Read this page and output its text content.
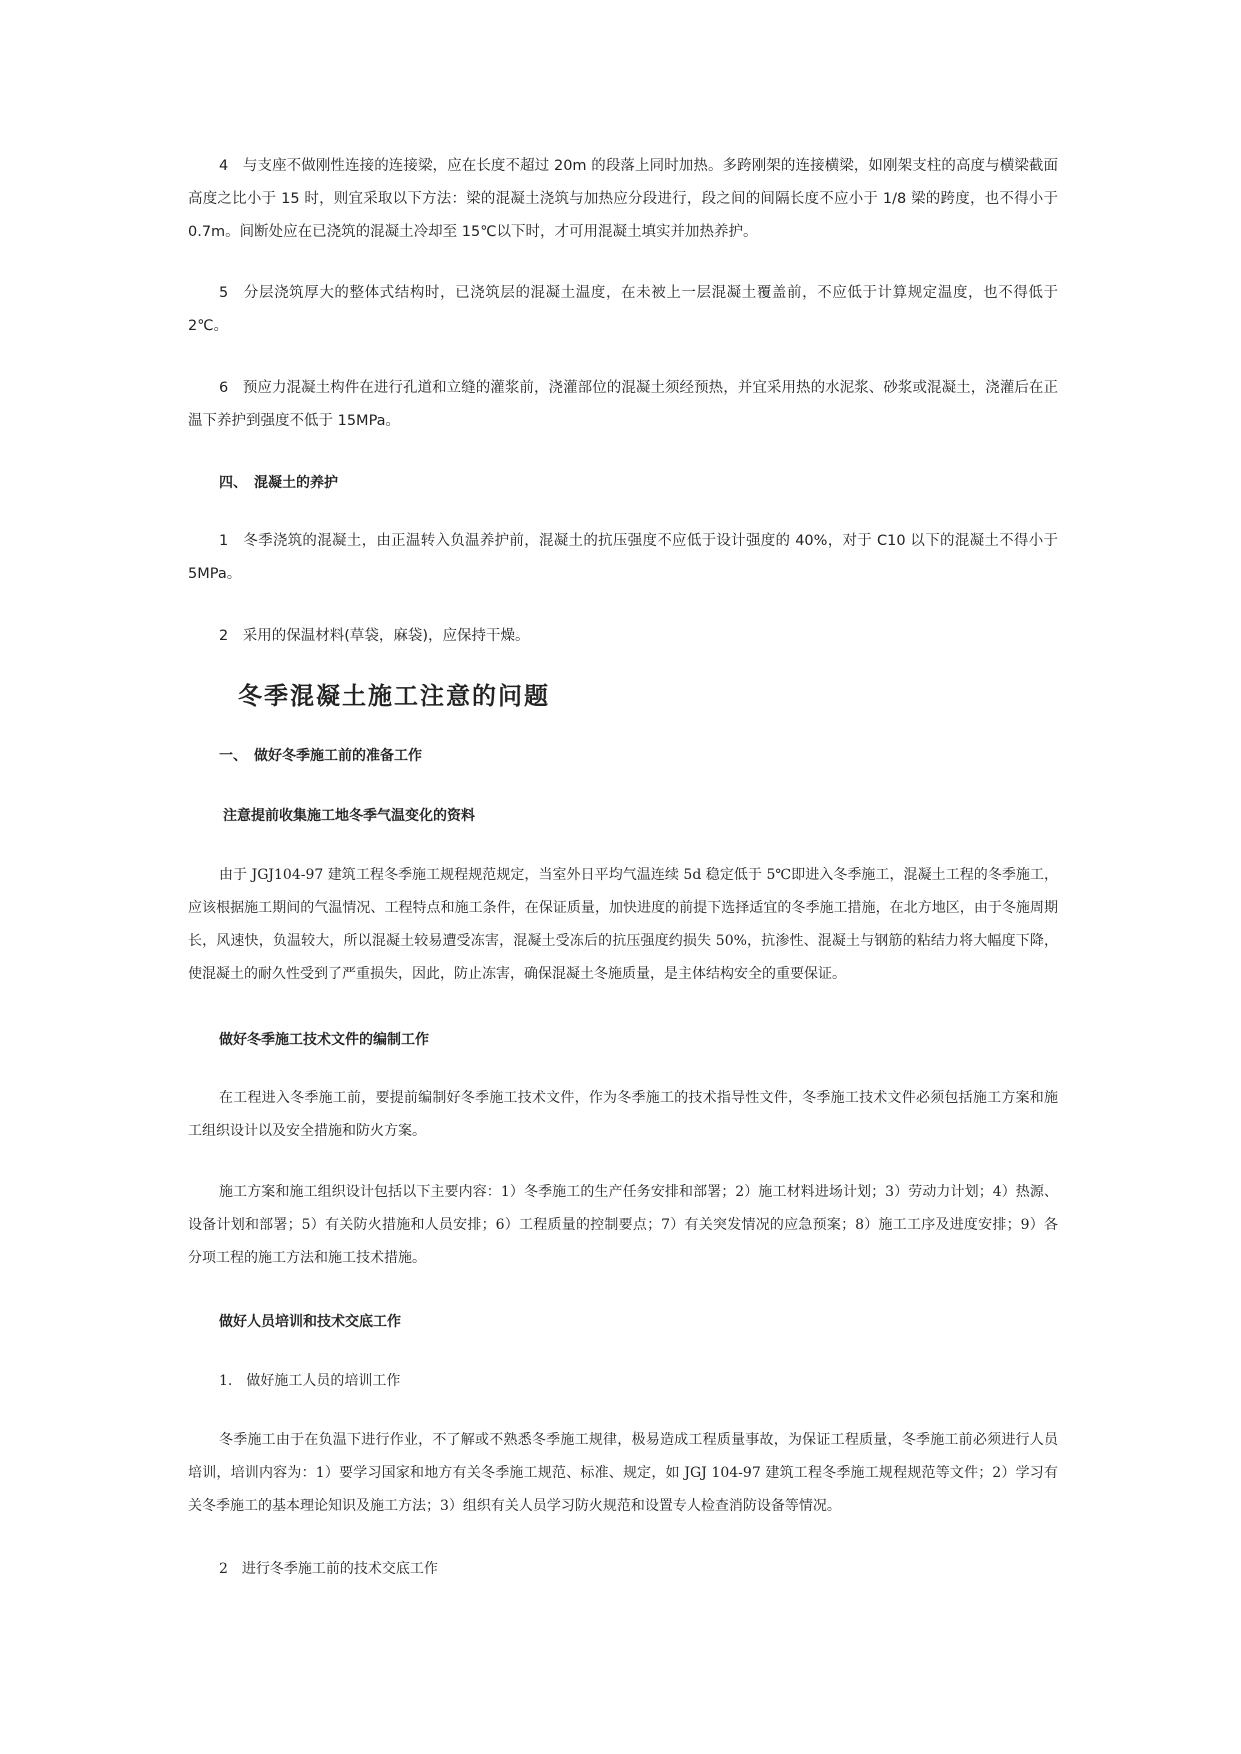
4　与支座不做刚性连接的连接梁，应在长度不超过 20m 的段落上同时加热。多跨刚架的连接横梁，如刚架支柱的高度与横梁截面高度之比小于 15 时，则宜采取以下方法：梁的混凝土浇筑与加热应分段进行，段之间的间隔长度不应小于 1/8 梁的跨度，也不得小于 0.7m。间断处应在已浇筑的混凝土冷却至 15℃以下时，才可用混凝土填实并加热养护。

5　分层浇筑厚大的整体式结构时，已浇筑层的混凝土温度，在未被上一层混凝土覆盖前，不应低于计算规定温度，也不得低于 2℃。

6　预应力混凝土构件在进行孔道和立缝的灌浆前，浇灌部位的混凝土须经预热，并宜采用热的水泥浆、砂浆或混凝土，浇灌后在正温下养护到强度不低于 15MPa。

四、　混凝土的养护

1　冬季浇筑的混凝土，由正温转入负温养护前，混凝土的抗压强度不应低于设计强度的 40%，对于 C10 以下的混凝土不得小于 5MPa。

2　采用的保温材料(草袋，麻袋)，应保持干燥。

冬季混凝土施工注意的问题

一、　做好冬季施工前的准备工作

注意提前收集施工地冬季气温变化的资料

由于 JGJ104-97 建筑工程冬季施工规程规范规定，当室外日平均气温连续 5d 稳定低于 5℃即进入冬季施工，混凝土工程的冬季施工，应该根据施工期间的气温情况、工程特点和施工条件，在保证质量，加快进度的前提下选择适宜的冬季施工措施，在北方地区，由于冬施周期长，风速快，负温较大，所以混凝土较易遭受冻害，混凝土受冻后的抗压强度约损失 50%，抗渗性、混凝土与钢筋的粘结力将大幅度下降，使混凝土的耐久性受到了严重损失，因此，防止冻害，确保混凝土冬施质量，是主体结构安全的重要保证。

做好冬季施工技术文件的编制工作

在工程进入冬季施工前，要提前编制好冬季施工技术文件，作为冬季施工的技术指导性文件，冬季施工技术文件必须包括施工方案和施工组织设计以及安全措施和防火方案。

施工方案和施工组织设计包括以下主要内容：1）冬季施工的生产任务安排和部署；2）施工材料进场计划；3）劳动力计划；4）热源、设备计划和部署；5）有关防火措施和人员安排；6）工程质量的控制要点；7）有关突发情况的应急预案；8）施工工序及进度安排；9）各分项工程的施工方法和施工技术措施。

做好人员培训和技术交底工作

1.　做好施工人员的培训工作

冬季施工由于在负温下进行作业，不了解或不熟悉冬季施工规律，极易造成工程质量事故，为保证工程质量，冬季施工前必须进行人员培训，培训内容为：1）要学习国家和地方有关冬季施工规范、标准、规定，如 JGJ 104-97 建筑工程冬季施工规程规范等文件；2）学习有关冬季施工的基本理论知识及施工方法；3）组织有关人员学习防火规范和设置专人检查消防设备等情况。

2　进行冬季施工前的技术交底工作
